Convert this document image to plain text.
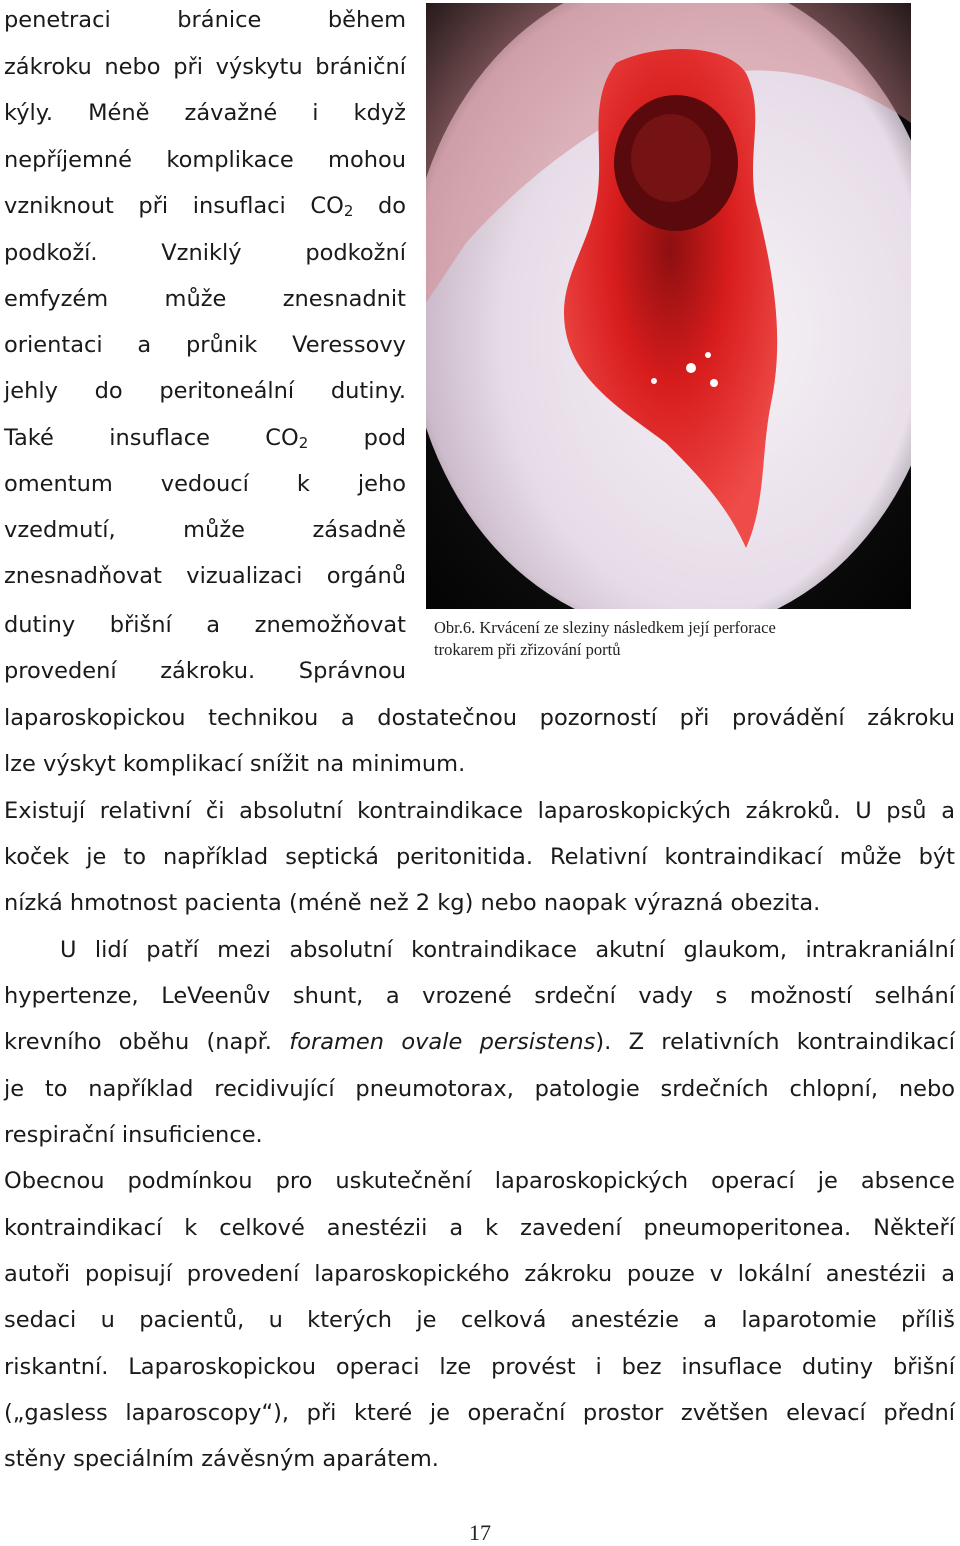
penetraci bránice během
zákroku nebo při výskytu brániční
kýly. Méně závažné i když
nepříjemné komplikace mohou
vzniknout při insuflaci $CO_2$ do
podkoží. Vzniklý podkožní
emfyzém může znesnadnit
orientaci a průnik Veressovy
jehly do peritoneální dutiny.
Také insuflace $CO_2$ pod
omentum vedoucí k jeho
vzedmutí, může zásadně
znesnadňovat vizualizaci orgánů
dutiny břišní a znemožňovat
provedení zákroku. Správnou
Obr.6. Krvácení ze sleziny následkem její perforace
trokarem při zřizování portů
laparoskopickou technikou a dostatečnou pozorností při provádění zákroku
lze výskyt komplikací snížit na minimum.
Existují relativní či absolutní kontraindikace laparoskopických zákroků. U psů a
koček je to například septická peritonitida. Relativní kontraindikací může být
nízká hmotnost pacienta (méně než 2 kg) nebo naopak výrazná obezita.
U lidí patří mezi absolutní kontraindikace akutní glaukom, intrakraniální
hypertenze, LeVeenův shunt, a vrozené srdeční vady s možností selhání
krevního oběhu (např. foramen ovale persistens). Z relativních kontraindikací
je to například recidivující pneumotorax, patologie srdečních chlopní, nebo
respirační insuficience.
Obecnou podmínkou pro uskutečnění laparoskopických operací je absence
kontraindikací k celkové anestézii a k zavedení pneumoperitonea. Někteří
autoři popisují provedení laparoskopického zákroku pouze v lokální anestézii a
sedaci u pacientů, u kterých je celková anestézie a laparotomie příliš
riskantní. Laparoskopickou operaci lze provést i bez insuflace dutiny břišní
(„gasless laparoscopy“), při které je operační prostor zvětšen elevací přední
stěny speciálním závěsným aparátem.
17
